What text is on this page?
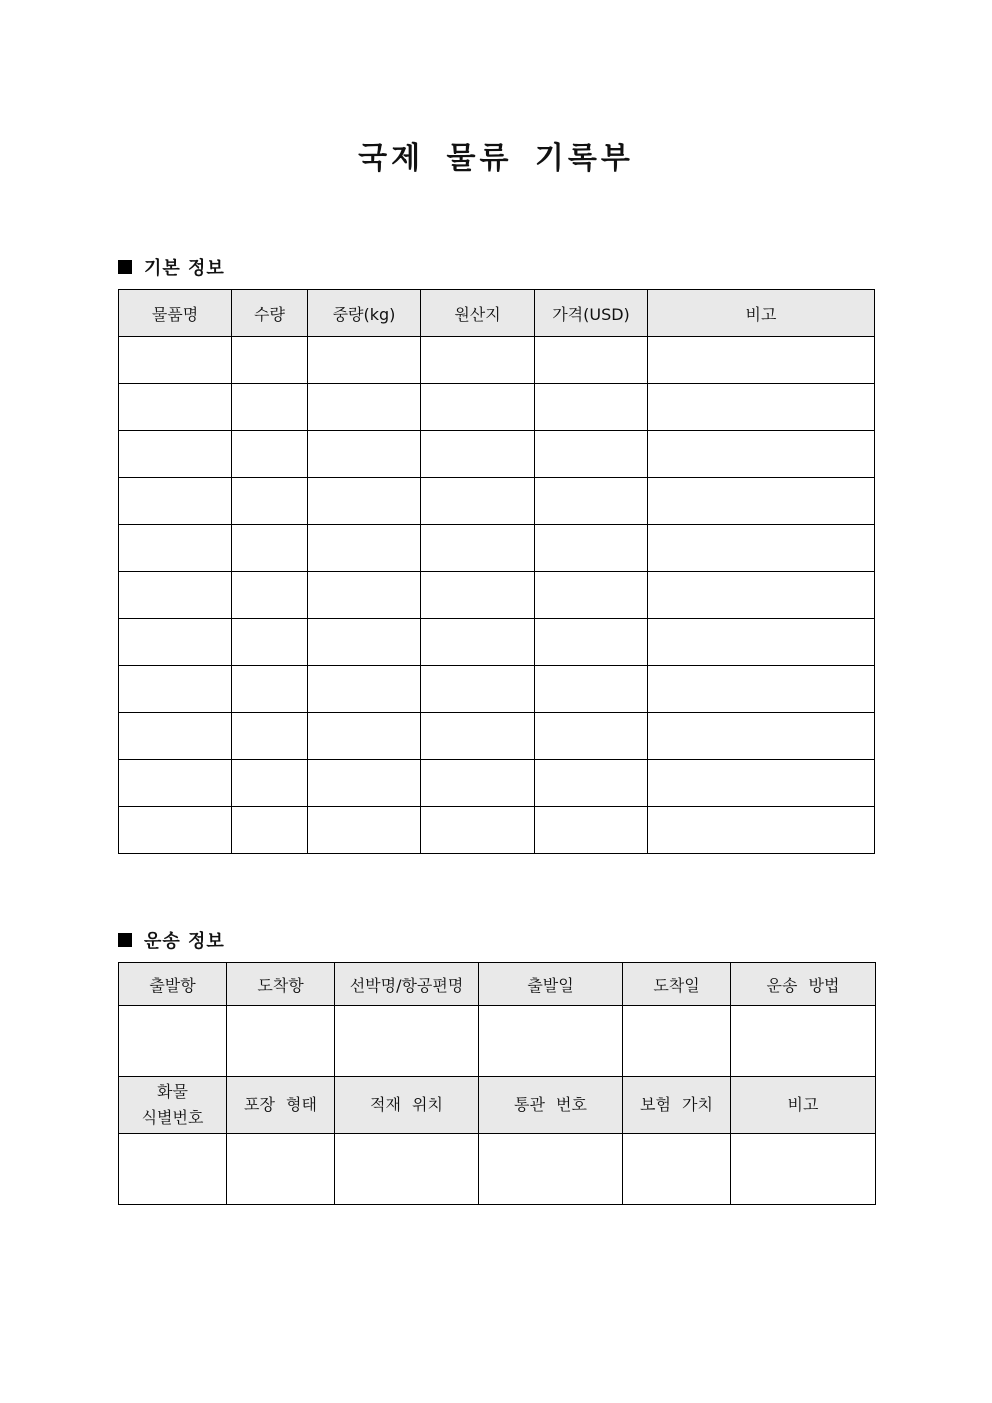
국제 물류 기록부
기본 정보
물품명	수량	중량(kg)	원산지	가격(USD)	비고

운송 정보
출발항	도착항	선박명/항공편명	출발일	도착일	운송 방법

화물
식별번호	포장 형태	적재 위치	통관 번호	보험 가치	비고
